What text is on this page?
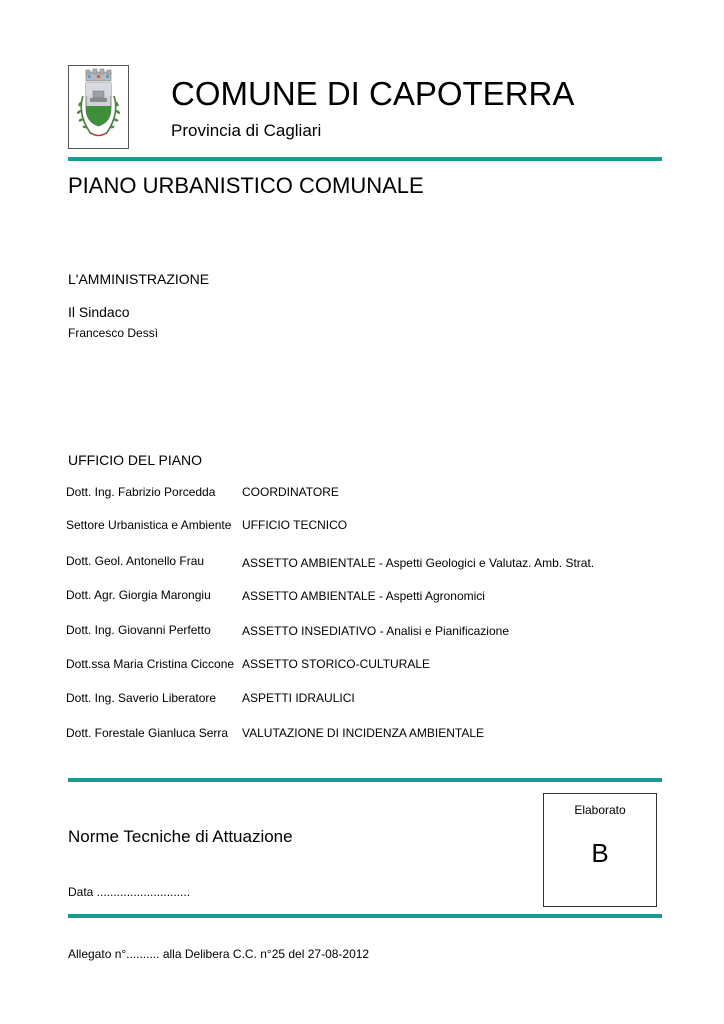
COMUNE DI CAPOTERRA
Provincia di Cagliari
PIANO URBANISTICO COMUNALE
L'AMMINISTRAZIONE
Il Sindaco
Francesco Dessì
UFFICIO DEL PIANO
Dott. Ing. Fabrizio Porcedda COORDINATORE
Settore Urbanistica e Ambiente UFFICIO TECNICO
Dott. Geol. Antonello Frau	ASSETTO AMBIENTALE - Aspetti Geologici e Valutaz. Amb. Strat.
Dott. Agr. Giorgia Marongiu	ASSETTO AMBIENTALE - Aspetti Agronomici
Dott. Ing. Giovanni Perfetto	ASSETTO INSEDIATIVO - Analisi e Pianificazione
Dott.ssa Maria Cristina Ciccone ASSETTO STORICO-CULTURALE
Dott. Ing. Saverio Liberatore ASPETTI IDRAULICI
Dott. Forestale Gianluca Serra VALUTAZIONE DI INCIDENZA AMBIENTALE
Elaborato
B
Norme Tecniche di Attuazione
Data ............................
Allegato n°.......... alla Delibera C.C. n°25 del 27-08-2012
